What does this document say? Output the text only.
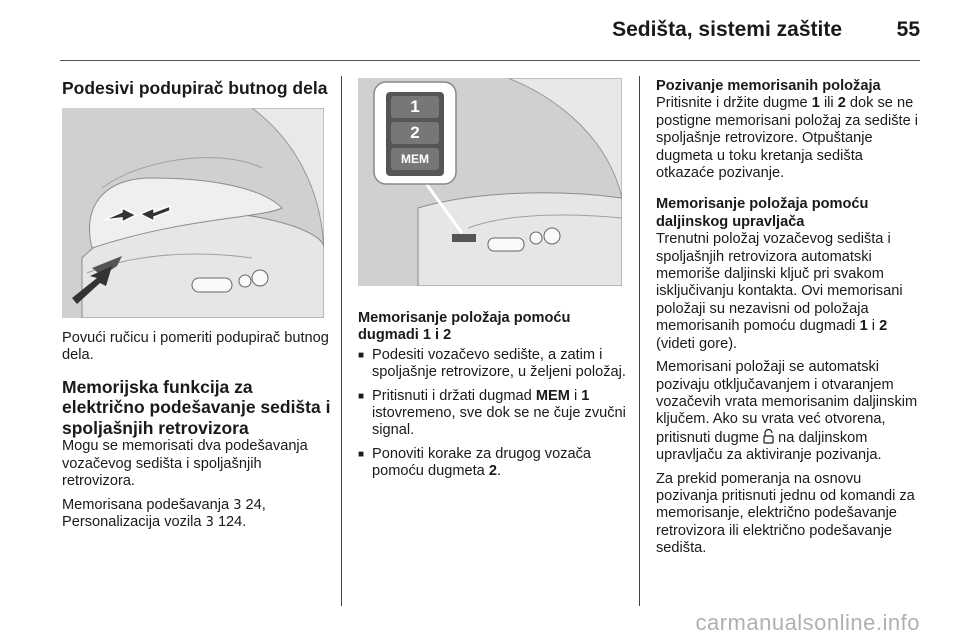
Sedišta, sistemi zaštite	55
Podesivi podupirač butnog dela

Povući ručicu i pomeriti podupirač butnog dela.

Memorijska funkcija za električno podešavanje sedišta i spoljašnjih retrovizora

Mogu se memorisati dva podešavanja vozačevog sedišta i spoljašnjih retrovizora.

Memorisana podešavanja 3 24,
Personalizacija vozila 3 124.

1
2
MEM
Memorisanje položaja pomoću dugmadi 1 i 2
■ Podesiti vozačevo sedište, a zatim i spoljašnje retrovizore, u željeni položaj.
■ Pritisnuti i držati dugmad MEM i 1 istovremeno, sve dok se ne čuje zvučni signal.
■ Ponoviti korake za drugog vozača pomoću dugmeta 2.
Pozivanje memorisanih položaja

Pritisnite i držite dugme 1 ili 2 dok se ne postigne memorisani položaj za sedište i spoljašnje retrovizore. Otpuštanje dugmeta u toku kretanja sedišta otkazaće pozivanje.

Memorisanje položaja pomoću daljinskog upravljača

Trenutni položaj vozačevog sedišta i spoljašnjih retrovizora automatski memoriše daljinski ključ pri svakom isključivanju kontakta. Ovi memorisani položaji su nezavisni od položaja memorisanih pomoću dugmadi 1 i 2 (videti gore).

Memorisani položaji se automatski pozivaju otključavanjem i otvaranjem vozačevih vrata memorisanim daljinskim ključem. Ako su vrata već otvorena, pritisnuti dugme na daljinskom upravljaču za aktiviranje pozivanja.

Za prekid pomeranja na osnovu pozivanja pritisnuti jednu od komandi za memorisanje, električno podešavanje retrovizora ili električno podešavanje sedišta.

carmanualsonline.info
